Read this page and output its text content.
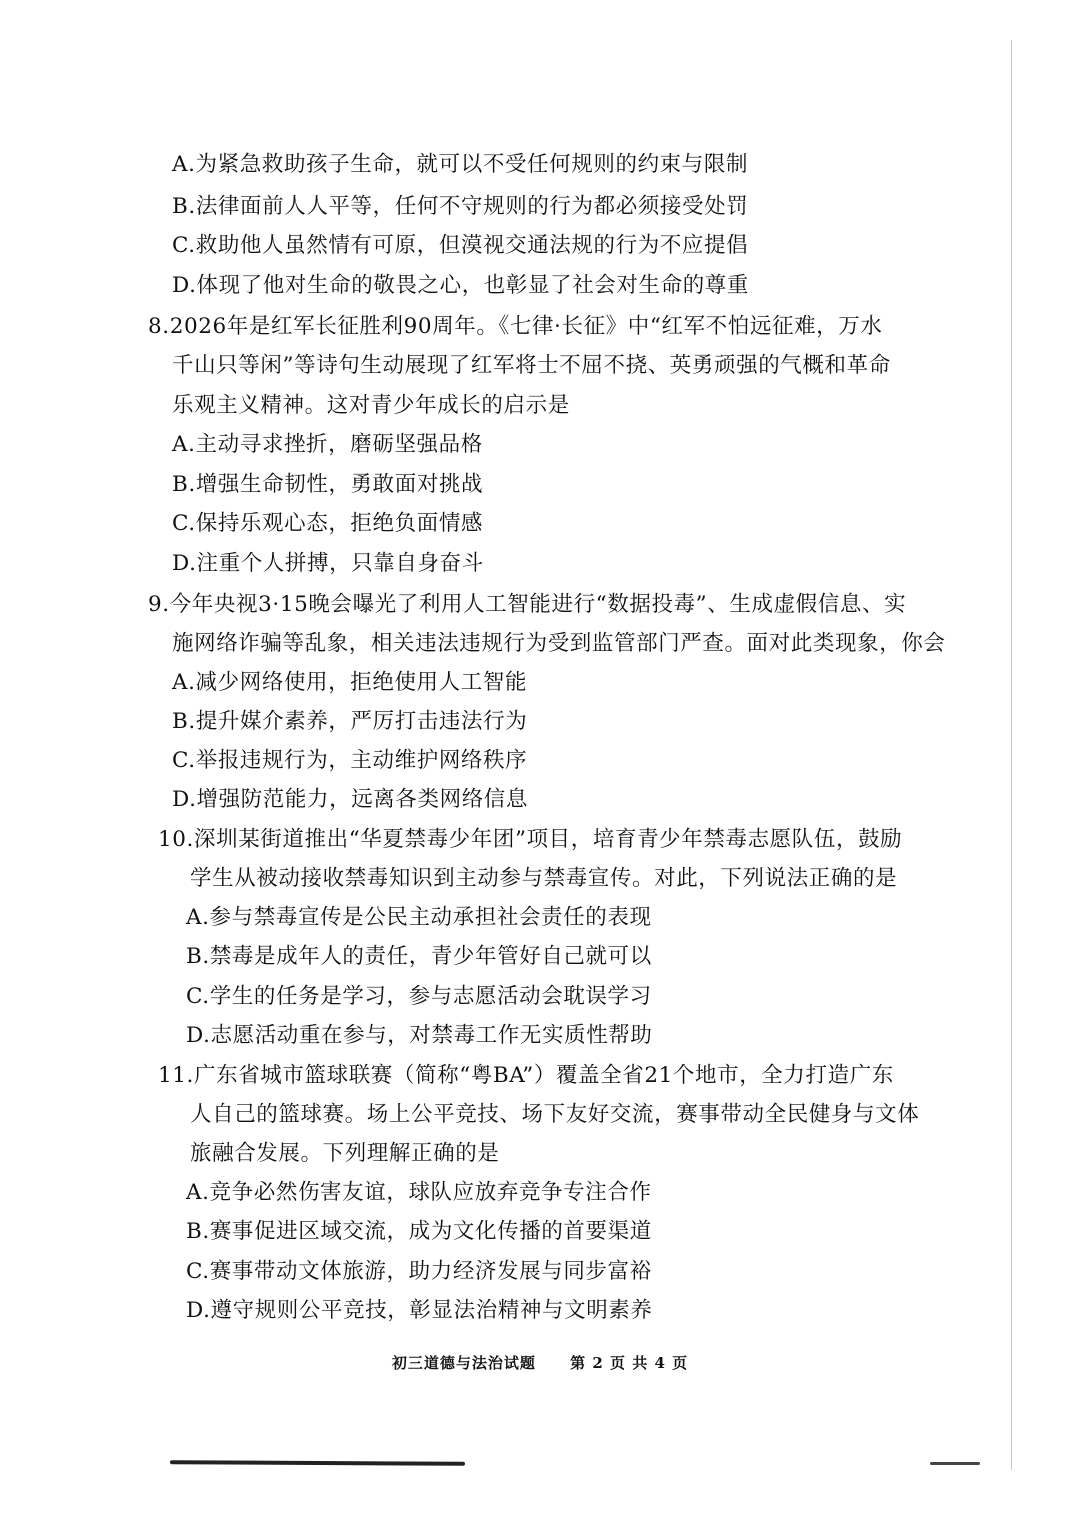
A.为紧急救助孩子生命，就可以不受任何规则的约束与限制
B.法律面前人人平等，任何不守规则的行为都必须接受处罚
C.救助他人虽然情有可原，但漠视交通法规的行为不应提倡
D.体现了他对生命的敬畏之心，也彰显了社会对生命的尊重
8.2026年是红军长征胜利90周年。《七律·长征》中“红军不怕远征难，万水
千山只等闲”等诗句生动展现了红军将士不屈不挠、英勇顽强的气概和革命
乐观主义精神。这对青少年成长的启示是
A.主动寻求挫折，磨砺坚强品格
B.增强生命韧性，勇敢面对挑战
C.保持乐观心态，拒绝负面情感
D.注重个人拼搏，只靠自身奋斗
9.今年央视3·15晚会曝光了利用人工智能进行“数据投毒”、生成虚假信息、实
施网络诈骗等乱象，相关违法违规行为受到监管部门严查。面对此类现象，你会
A.减少网络使用，拒绝使用人工智能
B.提升媒介素养，严厉打击违法行为
C.举报违规行为，主动维护网络秩序
D.增强防范能力，远离各类网络信息
10.深圳某街道推出“华夏禁毒少年团”项目，培育青少年禁毒志愿队伍，鼓励
学生从被动接收禁毒知识到主动参与禁毒宣传。对此，下列说法正确的是
A.参与禁毒宣传是公民主动承担社会责任的表现
B.禁毒是成年人的责任，青少年管好自己就可以
C.学生的任务是学习，参与志愿活动会耽误学习
D.志愿活动重在参与，对禁毒工作无实质性帮助
11.广东省城市篮球联赛（简称“粤BA”）覆盖全省21个地市，全力打造广东
人自己的篮球赛。场上公平竞技、场下友好交流，赛事带动全民健身与文体
旅融合发展。下列理解正确的是
A.竞争必然伤害友谊，球队应放弃竞争专注合作
B.赛事促进区域交流，成为文化传播的首要渠道
C.赛事带动文体旅游，助力经济发展与同步富裕
D.遵守规则公平竞技，彰显法治精神与文明素养
初三道德与法治试题 第 2 页 共 4 页
